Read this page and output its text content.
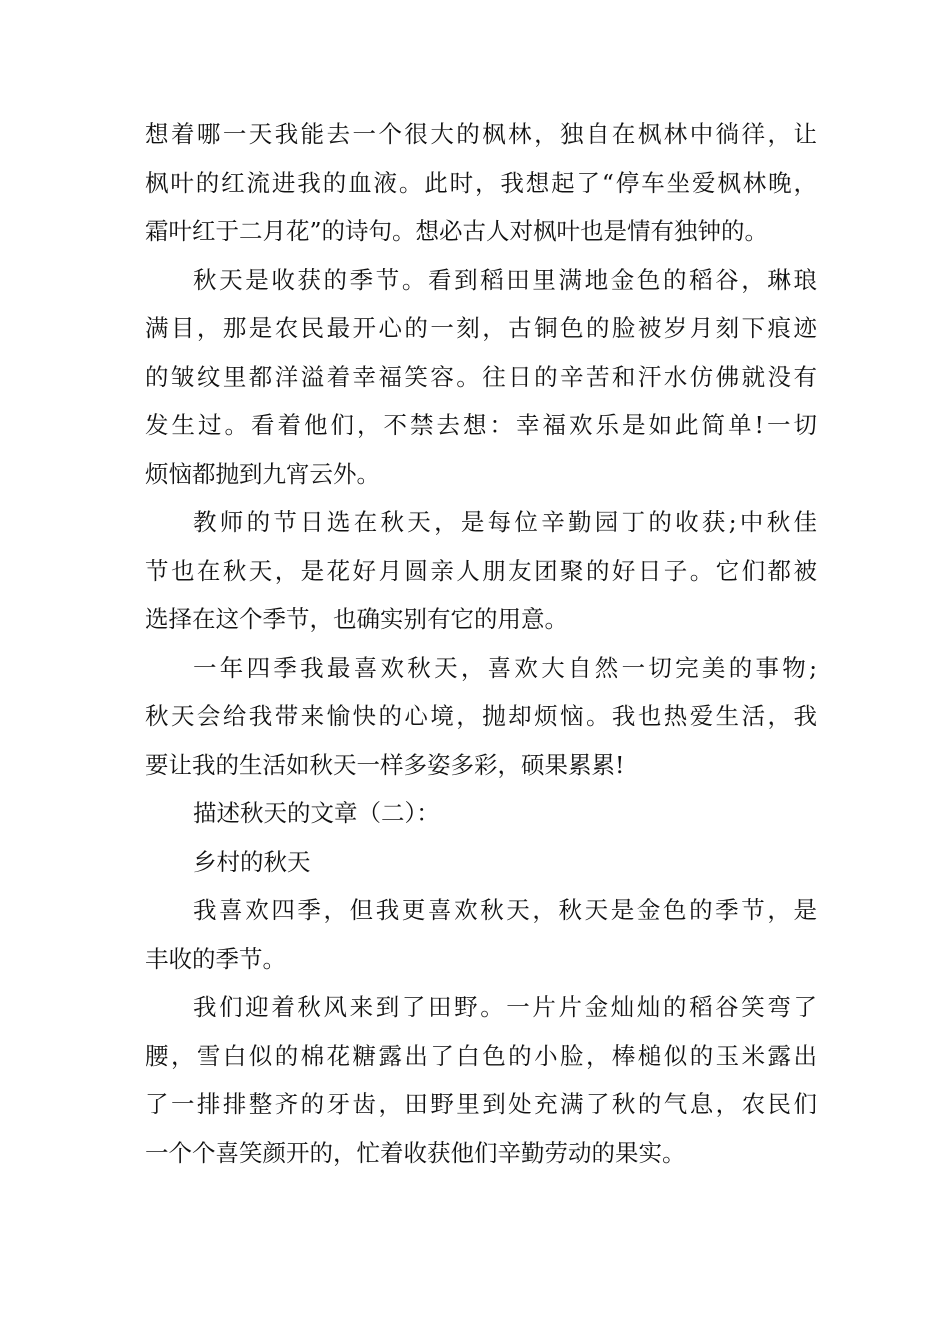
想着哪一天我能去一个很大的枫林，独自在枫林中徜徉，让
枫叶的红流进我的血液。此时，我想起了“停车坐爱枫林晚，
霜叶红于二月花”的诗句。想必古人对枫叶也是情有独钟的。
秋天是收获的季节。看到稻田里满地金色的稻谷，琳琅
满目，那是农民最开心的一刻，古铜色的脸被岁月刻下痕迹
的皱纹里都洋溢着幸福笑容。往日的辛苦和汗水仿佛就没有
发生过。看着他们，不禁去想：幸福欢乐是如此简单!一切
烦恼都抛到九宵云外。
教师的节日选在秋天，是每位辛勤园丁的收获;中秋佳
节也在秋天，是花好月圆亲人朋友团聚的好日子。它们都被
选择在这个季节，也确实别有它的用意。
一年四季我最喜欢秋天，喜欢大自然一切完美的事物;
秋天会给我带来愉快的心境，抛却烦恼。我也热爱生活，我
要让我的生活如秋天一样多姿多彩，硕果累累!
描述秋天的文章（二）：
乡村的秋天
我喜欢四季，但我更喜欢秋天，秋天是金色的季节，是
丰收的季节。
我们迎着秋风来到了田野。一片片金灿灿的稻谷笑弯了
腰，雪白似的棉花糖露出了白色的小脸，棒槌似的玉米露出
了一排排整齐的牙齿，田野里到处充满了秋的气息，农民们
一个个喜笑颜开的，忙着收获他们辛勤劳动的果实。
